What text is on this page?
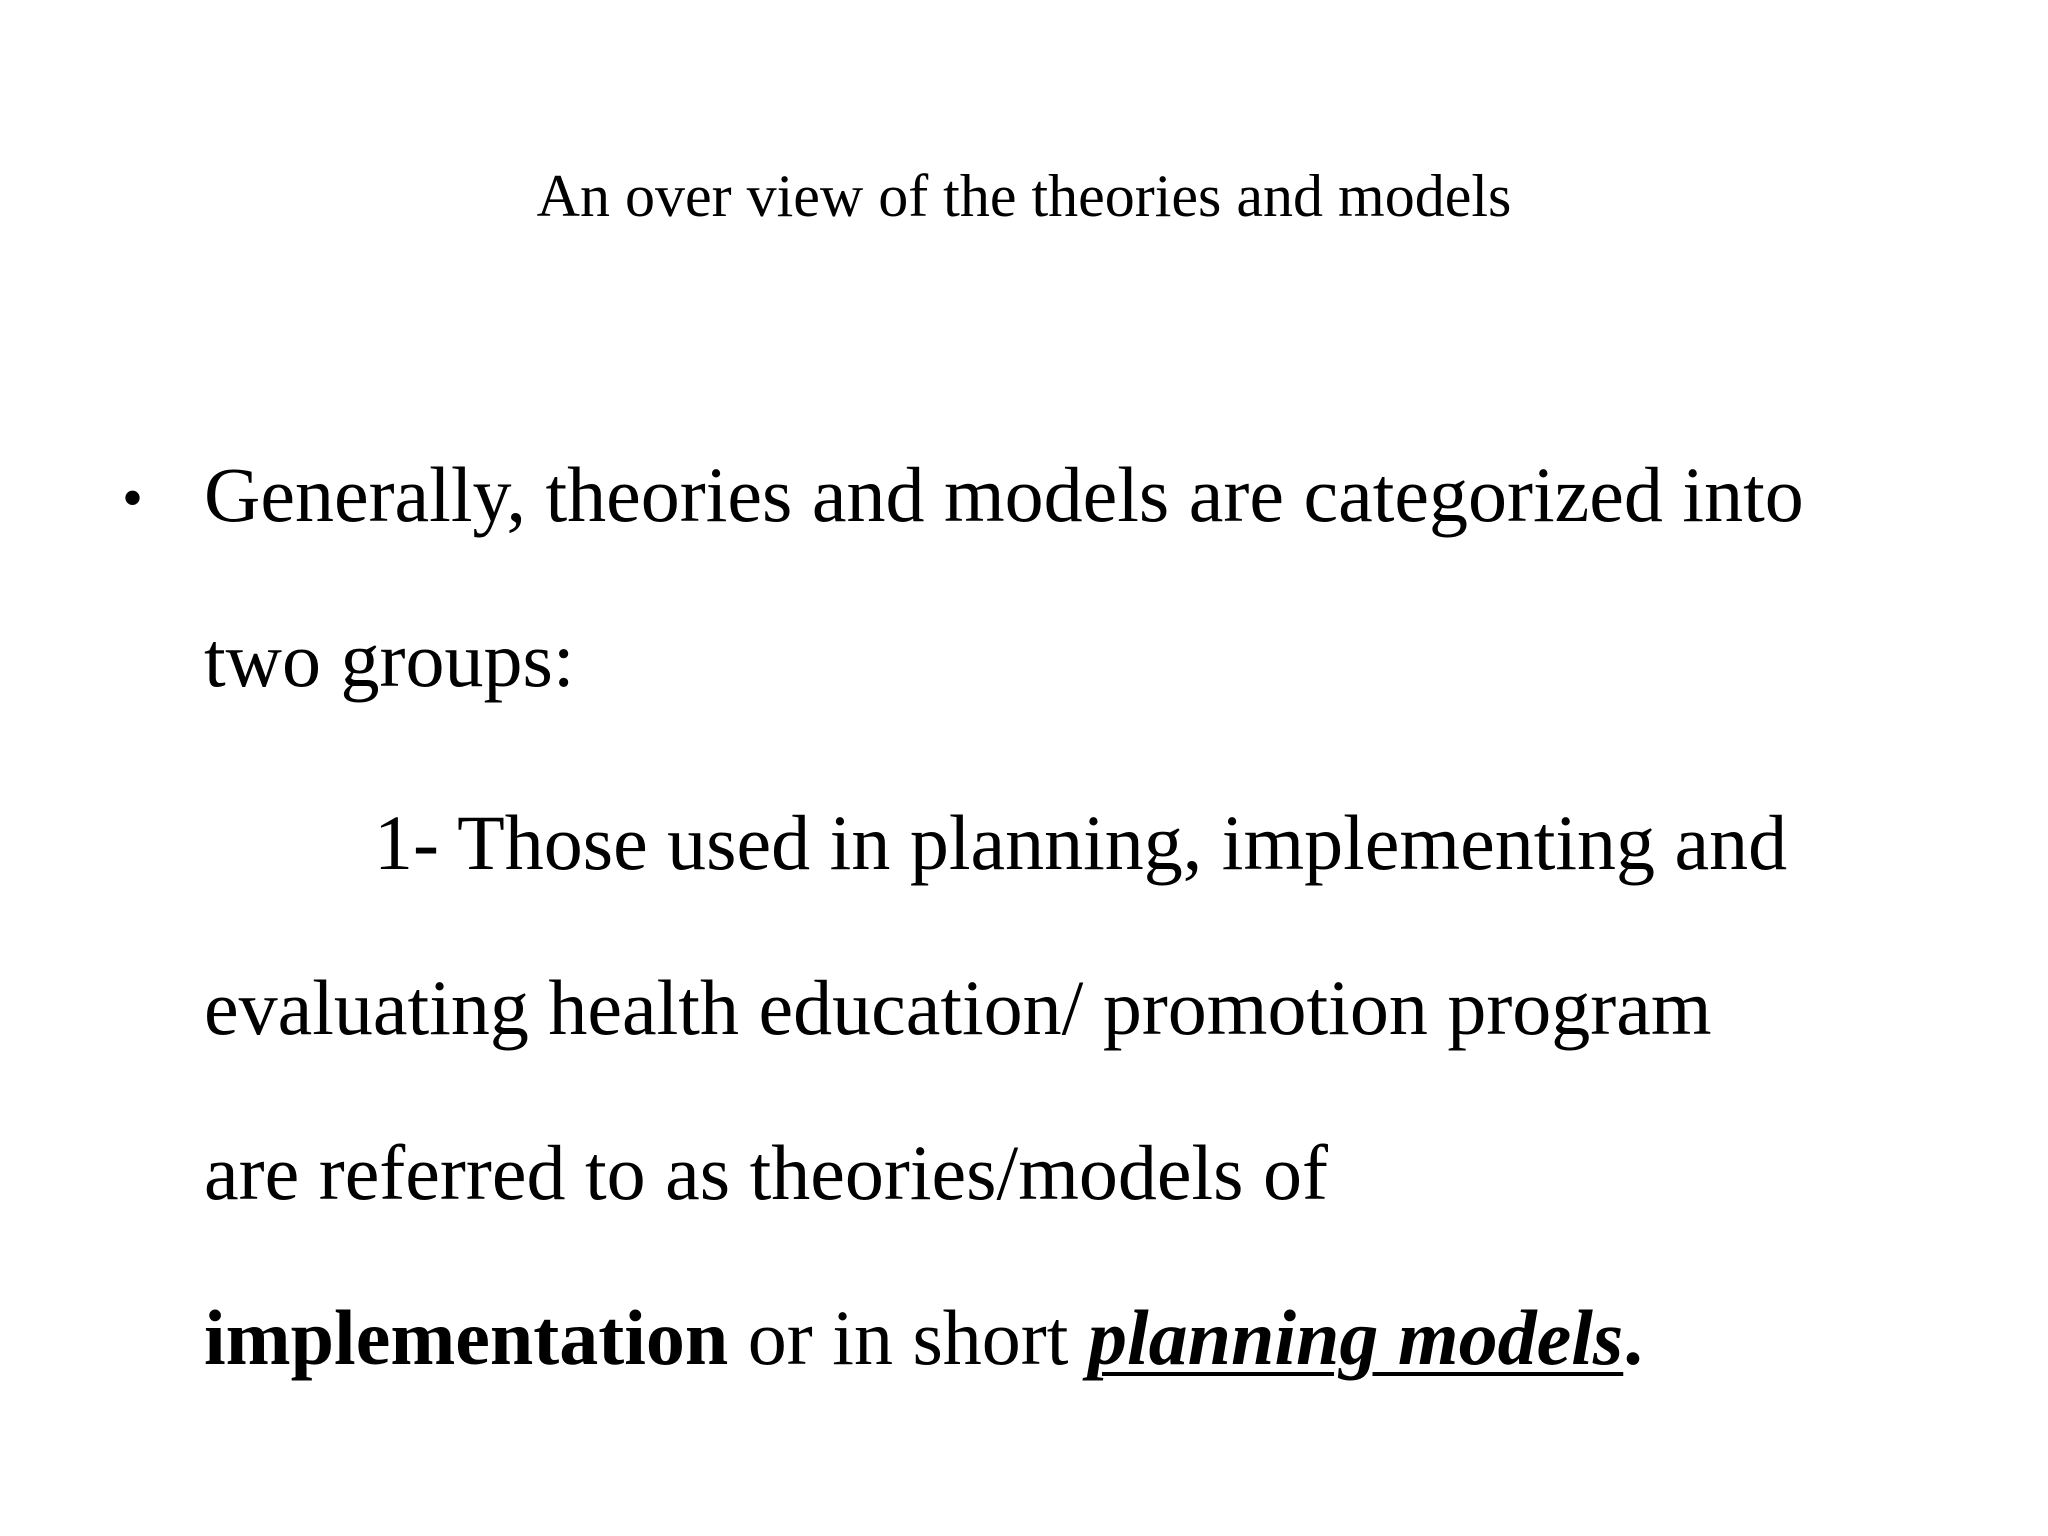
An over view of the theories and models
• Generally, theories and models are categorized into
two groups:
1- Those used in planning, implementing and
evaluating health education/ promotion program
are referred to as theories/models of
implementation or in short planning models.
